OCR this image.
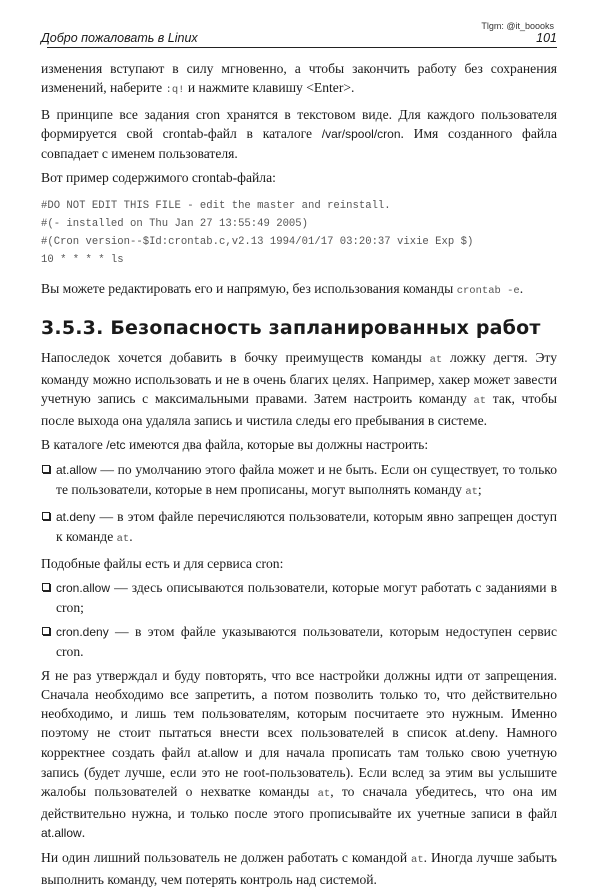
Tlgm: @it_boooks
Добро пожаловать в Linux	101

изменения вступают в силу мгновенно, а чтобы закончить работу без сохранения изменений, наберите :q! и нажмите клавишу <Enter>.

В принципе все задания cron хранятся в текстовом виде. Для каждого пользователя формируется свой crontab-файл в каталоге /var/spool/cron. Имя созданного файла совпадает с именем пользователя.

Вот пример содержимого crontab-файла:

#DO NOT EDIT THIS FILE - edit the master and reinstall.
#(- installed on Thu Jan 27 13:55:49 2005)
#(Cron version--$Id:crontab.c,v2.13 1994/01/17 03:20:37 vixie Exp $)
10 * * * * ls

Вы можете редактировать его и напрямую, без использования команды crontab -e.

3.5.3. Безопасность запланированных работ

Напоследок хочется добавить в бочку преимуществ команды at ложку дегтя. Эту команду можно использовать и не в очень благих целях. Например, хакер может завести учетную запись с максимальными правами. Затем настроить команду at так, чтобы после выхода она удаляла запись и чистила следы его пребывания в системе.

В каталоге /etc имеются два файла, которые вы должны настроить:

at.allow — по умолчанию этого файла может и не быть. Если он существует, то только те пользователи, которые в нем прописаны, могут выполнять команду at;
at.deny — в этом файле перечисляются пользователи, которым явно запрещен доступ к команде at.

Подобные файлы есть и для сервиса cron:

cron.allow — здесь описываются пользователи, которые могут работать с заданиями в cron;
cron.deny — в этом файле указываются пользователи, которым недоступен сервис cron.

Я не раз утверждал и буду повторять, что все настройки должны идти от запрещения. Сначала необходимо все запретить, а потом позволить только то, что действительно необходимо, и лишь тем пользователям, которым посчитаете это нужным. Именно поэтому не стоит пытаться внести всех пользователей в список at.deny. Намного корректнее создать файл at.allow и для начала прописать там только свою учетную запись (будет лучше, если это не root-пользователь). Если вслед за этим вы услышите жалобы пользователей о нехватке команды at, то сначала убедитесь, что она им действительно нужна, и только после этого прописывайте их учетные записи в файл at.allow.

Ни один лишний пользователь не должен работать с командой at. Иногда лучше забыть выполнить команду, чем потерять контроль над системой.
